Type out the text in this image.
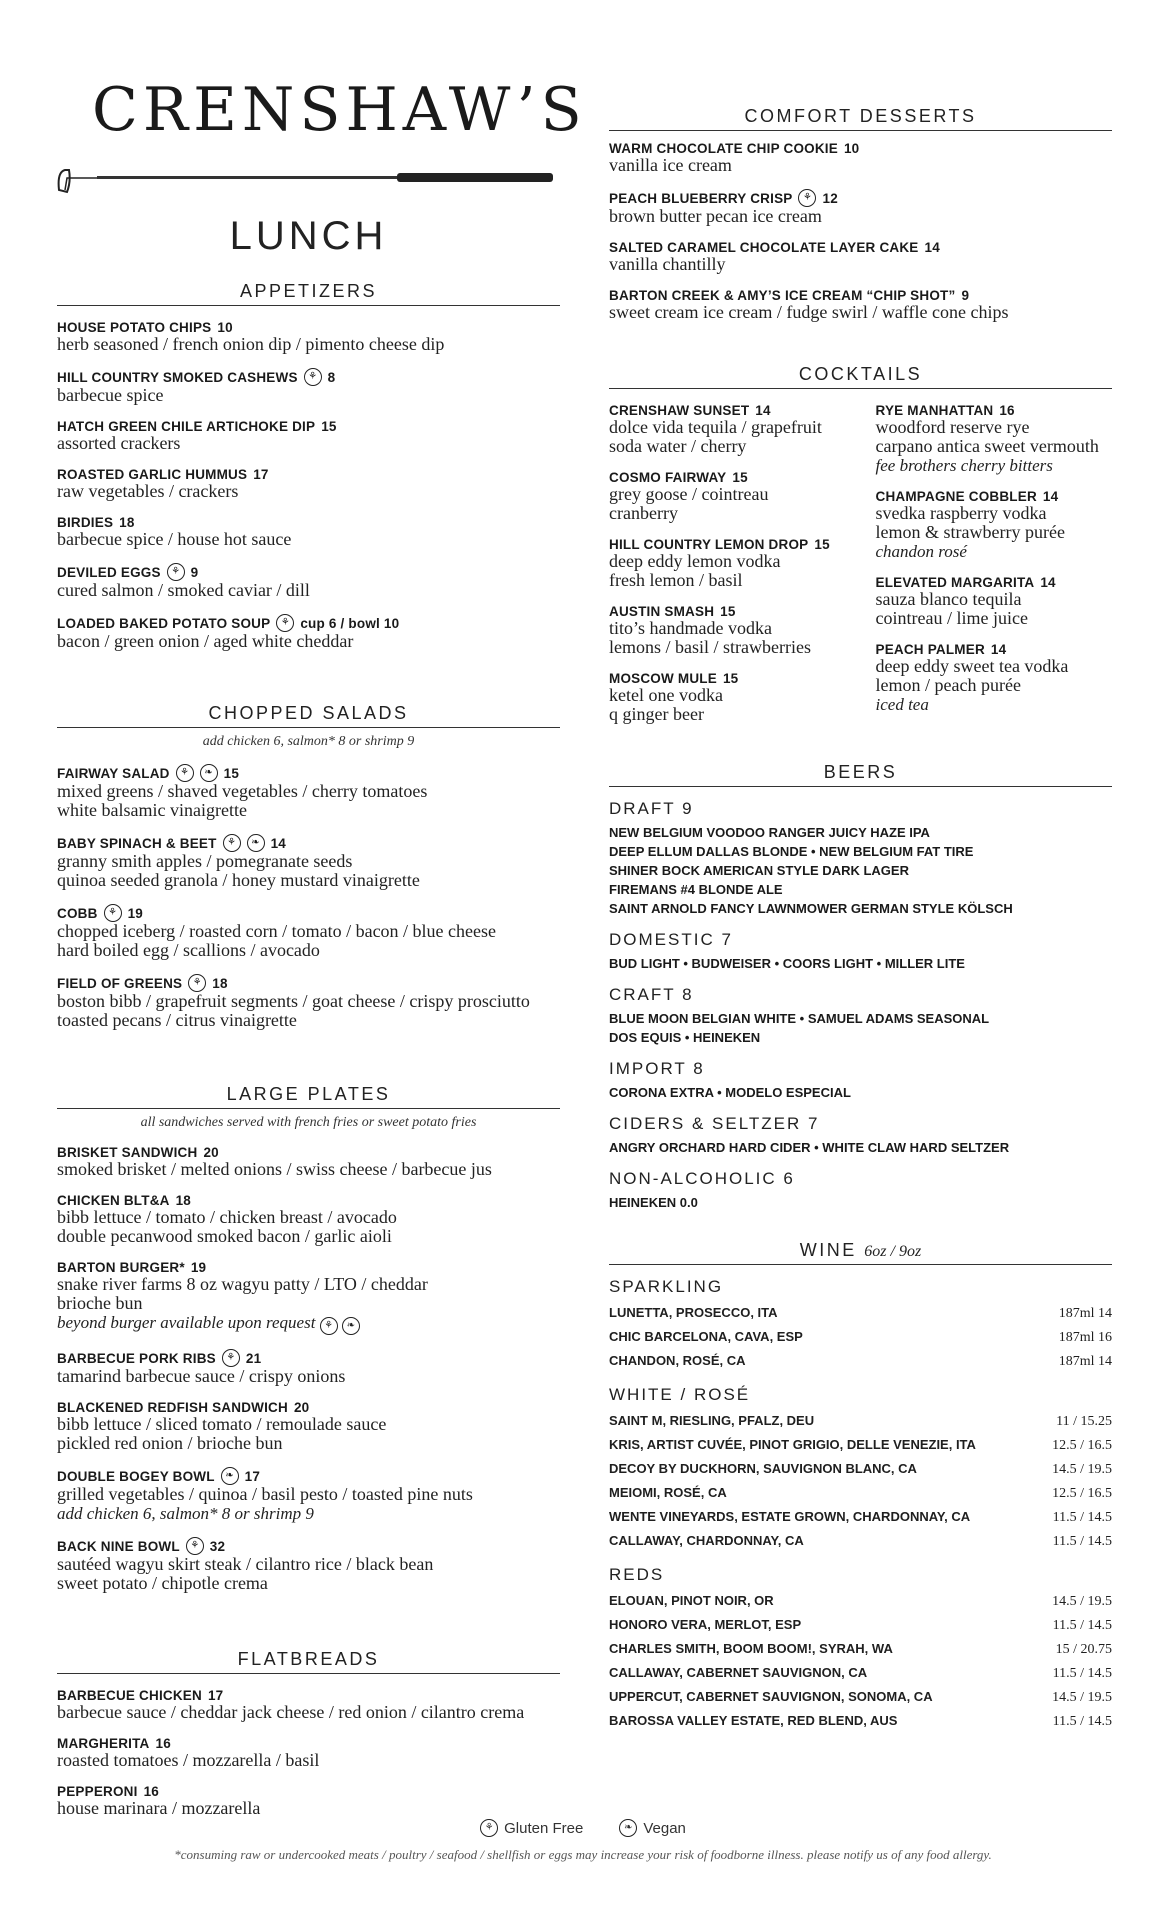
CRENSHAW’S
LUNCH
APPETIZERS
HOUSE POTATO CHIPS 10
herb seasoned / french onion dip / pimento cheese dip
HILL COUNTRY SMOKED CASHEWS	⚘ 8
barbecue spice
HATCH GREEN CHILE ARTICHOKE DIP 15
assorted crackers
ROASTED GARLIC HUMMUS 17
raw vegetables / crackers
BIRDIES 18
barbecue spice / house hot sauce
DEVILED EGGS	⚘ 9
cured salmon / smoked caviar / dill
LOADED BAKED POTATO SOUP	⚘ cup 6 / bowl 10
bacon / green onion / aged white cheddar
CHOPPED SALADS
add chicken 6, salmon* 8 or shrimp 9
FAIRWAY SALAD	⚘	❧ 15
mixed greens / shaved vegetables / cherry tomatoes
white balsamic vinaigrette
BABY SPINACH & BEET	⚘	❧ 14
granny smith apples / pomegranate seeds
quinoa seeded granola / honey mustard vinaigrette
COBB	⚘ 19
chopped iceberg / roasted corn / tomato / bacon / blue cheese
hard boiled egg / scallions / avocado
FIELD OF GREENS	⚘ 18
boston bibb / grapefruit segments / goat cheese / crispy prosciutto
toasted pecans / citrus vinaigrette
LARGE PLATES
all sandwiches served with french fries or sweet potato fries
BRISKET SANDWICH 20
smoked brisket / melted onions / swiss cheese / barbecue jus
CHICKEN BLT&A 18
bibb lettuce / tomato / chicken breast / avocado
double pecanwood smoked bacon / garlic aioli
BARTON BURGER* 19
snake river farms 8 oz wagyu patty / LTO / cheddar
brioche bun
beyond burger available upon request ⚘ ❧
BARBECUE PORK RIBS	⚘ 21
tamarind barbecue sauce / crispy onions
BLACKENED REDFISH SANDWICH 20
bibb lettuce / sliced tomato / remoulade sauce
pickled red onion / brioche bun
DOUBLE BOGEY BOWL	❧ 17
grilled vegetables / quinoa / basil pesto / toasted pine nuts
add chicken 6, salmon* 8 or shrimp 9
BACK NINE BOWL	⚘ 32
sautéed wagyu skirt steak / cilantro rice / black bean
sweet potato / chipotle crema
FLATBREADS
BARBECUE CHICKEN 17
barbecue sauce / cheddar jack cheese / red onion / cilantro crema
MARGHERITA 16
roasted tomatoes / mozzarella / basil
PEPPERONI 16
house marinara / mozzarella
COMFORT DESSERTS
WARM CHOCOLATE CHIP COOKIE 10
vanilla ice cream
PEACH BLUEBERRY CRISP	⚘ 12
brown butter pecan ice cream
SALTED CARAMEL CHOCOLATE LAYER CAKE 14
vanilla chantilly
BARTON CREEK & AMY’S ICE CREAM “CHIP SHOT” 9
sweet cream ice cream / fudge swirl / waffle cone chips
COCKTAILS
CRENSHAW SUNSET 14
dolce vida tequila / grapefruit
soda water / cherry
COSMO FAIRWAY 15
grey goose / cointreau
cranberry
HILL COUNTRY LEMON DROP 15
deep eddy lemon vodka
fresh lemon / basil
AUSTIN SMASH 15
tito’s handmade vodka
lemons / basil / strawberries
MOSCOW MULE 15
ketel one vodka
q ginger beer
RYE MANHATTAN 16
woodford reserve rye
carpano antica sweet vermouth
fee brothers cherry bitters
CHAMPAGNE COBBLER 14
svedka raspberry vodka
lemon & strawberry purée
chandon rosé
ELEVATED MARGARITA 14
sauza blanco tequila
cointreau / lime juice
PEACH PALMER 14
deep eddy sweet tea vodka
lemon / peach purée
iced tea
BEERS
DRAFT 9
NEW BELGIUM VOODOO RANGER JUICY HAZE IPA
DEEP ELLUM DALLAS BLONDE • NEW BELGIUM FAT TIRE
SHINER BOCK AMERICAN STYLE DARK LAGER
FIREMANS #4 BLONDE ALE
SAINT ARNOLD FANCY LAWNMOWER GERMAN STYLE KÖLSCH
DOMESTIC 7
BUD LIGHT • BUDWEISER • COORS LIGHT • MILLER LITE
CRAFT 8
BLUE MOON BELGIAN WHITE • SAMUEL ADAMS SEASONAL
DOS EQUIS • HEINEKEN
IMPORT 8
CORONA EXTRA • MODELO ESPECIAL
CIDERS & SELTZER 7
ANGRY ORCHARD HARD CIDER • WHITE CLAW HARD SELTZER
NON-ALCOHOLIC 6
HEINEKEN 0.0
WINE 6oz / 9oz
SPARKLING
LUNETTA, PROSECCO, ITA	187ml 14
CHIC BARCELONA, CAVA, ESP	187ml 16
CHANDON, ROSÉ, CA	187ml 14
WHITE / ROSÉ
SAINT M, RIESLING, PFALZ, DEU	11 / 15.25
KRIS, ARTIST CUVÉE, PINOT GRIGIO, DELLE VENEZIE, ITA	12.5 / 16.5
DECOY BY DUCKHORN, SAUVIGNON BLANC, CA	14.5 / 19.5
MEIOMI, ROSÉ, CA	12.5 / 16.5
WENTE VINEYARDS, ESTATE GROWN, CHARDONNAY, CA	11.5 / 14.5
CALLAWAY, CHARDONNAY, CA	11.5 / 14.5
REDS
ELOUAN, PINOT NOIR, OR	14.5 / 19.5
HONORO VERA, MERLOT, ESP	11.5 / 14.5
CHARLES SMITH, BOOM BOOM!, SYRAH, WA	15 / 20.75
CALLAWAY, CABERNET SAUVIGNON, CA	11.5 / 14.5
UPPERCUT, CABERNET SAUVIGNON, SONOMA, CA	14.5 / 19.5
BAROSSA VALLEY ESTATE, RED BLEND, AUS	11.5 / 14.5
⚘ Gluten Free	❧ Vegan
*consuming raw or undercooked meats / poultry / seafood / shellfish or eggs may increase your risk of foodborne illness. please notify us of any food allergy.
